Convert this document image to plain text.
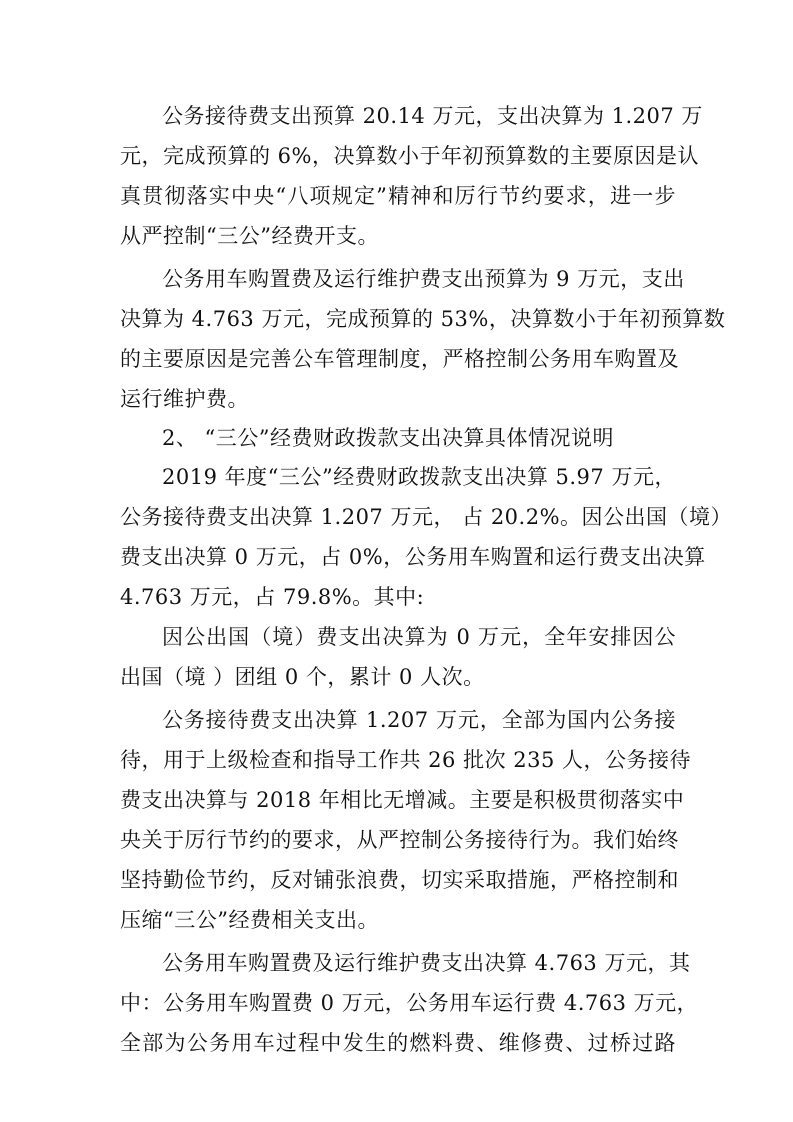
公务接待费支出预算 20.14 万元，支出决算为 1.207 万
元，完成预算的 6%，决算数小于年初预算数的主要原因是认
真贯彻落实中央“八项规定”精神和厉行节约要求，进一步
从严控制“三公”经费开支。
公务用车购置费及运行维护费支出预算为 9 万元，支出
决算为 4.763 万元，完成预算的 53%，决算数小于年初预算数
的主要原因是完善公车管理制度，严格控制公务用车购置及
运行维护费。
2、 “三公”经费财政拨款支出决算具体情况说明
2019 年度“三公”经费财政拨款支出决算 5.97 万元，
公务接待费支出决算 1.207 万元， 占 20.2%。因公出国（境）
费支出决算 0 万元，占 0%，公务用车购置和运行费支出决算
4.763 万元，占 79.8%。其中:
因公出国（境）费支出决算为 0 万元，全年安排因公
出国（境 ）团组 0 个，累计 0 人次。
公务接待费支出决算 1.207 万元，全部为国内公务接
待，用于上级检查和指导工作共 26 批次 235 人，公务接待
费支出决算与 2018 年相比无增减。主要是积极贯彻落实中
央关于厉行节约的要求，从严控制公务接待行为。我们始终
坚持勤俭节约，反对铺张浪费，切实采取措施，严格控制和
压缩“三公”经费相关支出。
公务用车购置费及运行维护费支出决算 4.763 万元，其
中：公务用车购置费 0 万元，公务用车运行费 4.763 万元，
全部为公务用车过程中发生的燃料费、维修费、过桥过路
